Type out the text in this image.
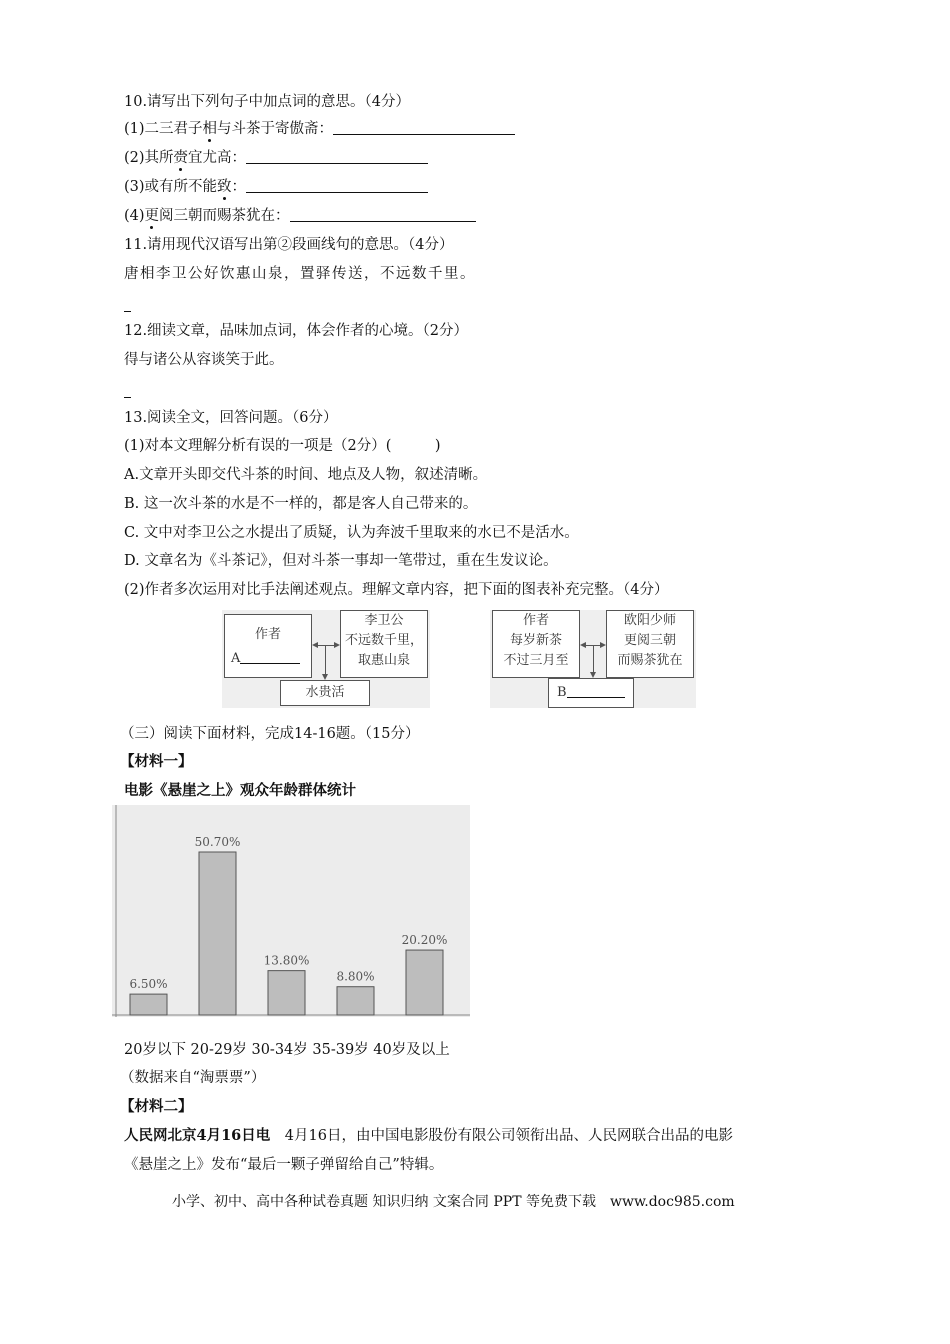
10.请写出下列句子中加点词的意思。（4分）
(1)二三君子相与斗茶于寄傲斋：
(2)其所赍宜尤高：
(3)或有所不能致：
(4)更阅三朝而赐茶犹在：
11.请用现代汉语写出第②段画线句的意思。（4分）
唐相李卫公好饮惠山泉，置驿传送，不远数千里。
12.细读文章，品味加点词，体会作者的心境。（2分）
得与诸公从容谈笑于此。
13.阅读全文，回答问题。（6分）
(1)对本文理解分析有误的一项是（2分）(　　　)
A.文章开头即交代斗茶的时间、地点及人物，叙述清晰。
B. 这一次斗茶的水是不一样的，都是客人自己带来的。
C. 文中对李卫公之水提出了质疑，认为奔波千里取来的水已不是活水。
D. 文章名为《斗茶记》，但对斗茶一事却一笔带过，重在生发议论。
(2)作者多次运用对比手法阐述观点。理解文章内容，把下面的图表补充完整。（4分）
作者
A
李卫公
不远数千里，
取惠山泉
水贵活
作者
每岁新茶
不过三月至
欧阳少师
更阅三朝
而赐茶犹在
B
（三）阅读下面材料，完成14-16题。（15分）
【材料一】
电影《悬崖之上》观众年龄群体统计
6.50%
50.70%
13.80%
8.80%
20.20%
20岁以下 20-29岁 30-34岁 35-39岁 40岁及以上
（数据来自“淘票票”）
【材料二】
人民网北京4月16日电　4月16日，由中国电影股份有限公司领衔出品、人民网联合出品的电影
《悬崖之上》发布“最后一颗子弹留给自己”特辑。
小学、初中、高中各种试卷真题 知识归纳 文案合同 PPT 等免费下载　www.doc985.com
